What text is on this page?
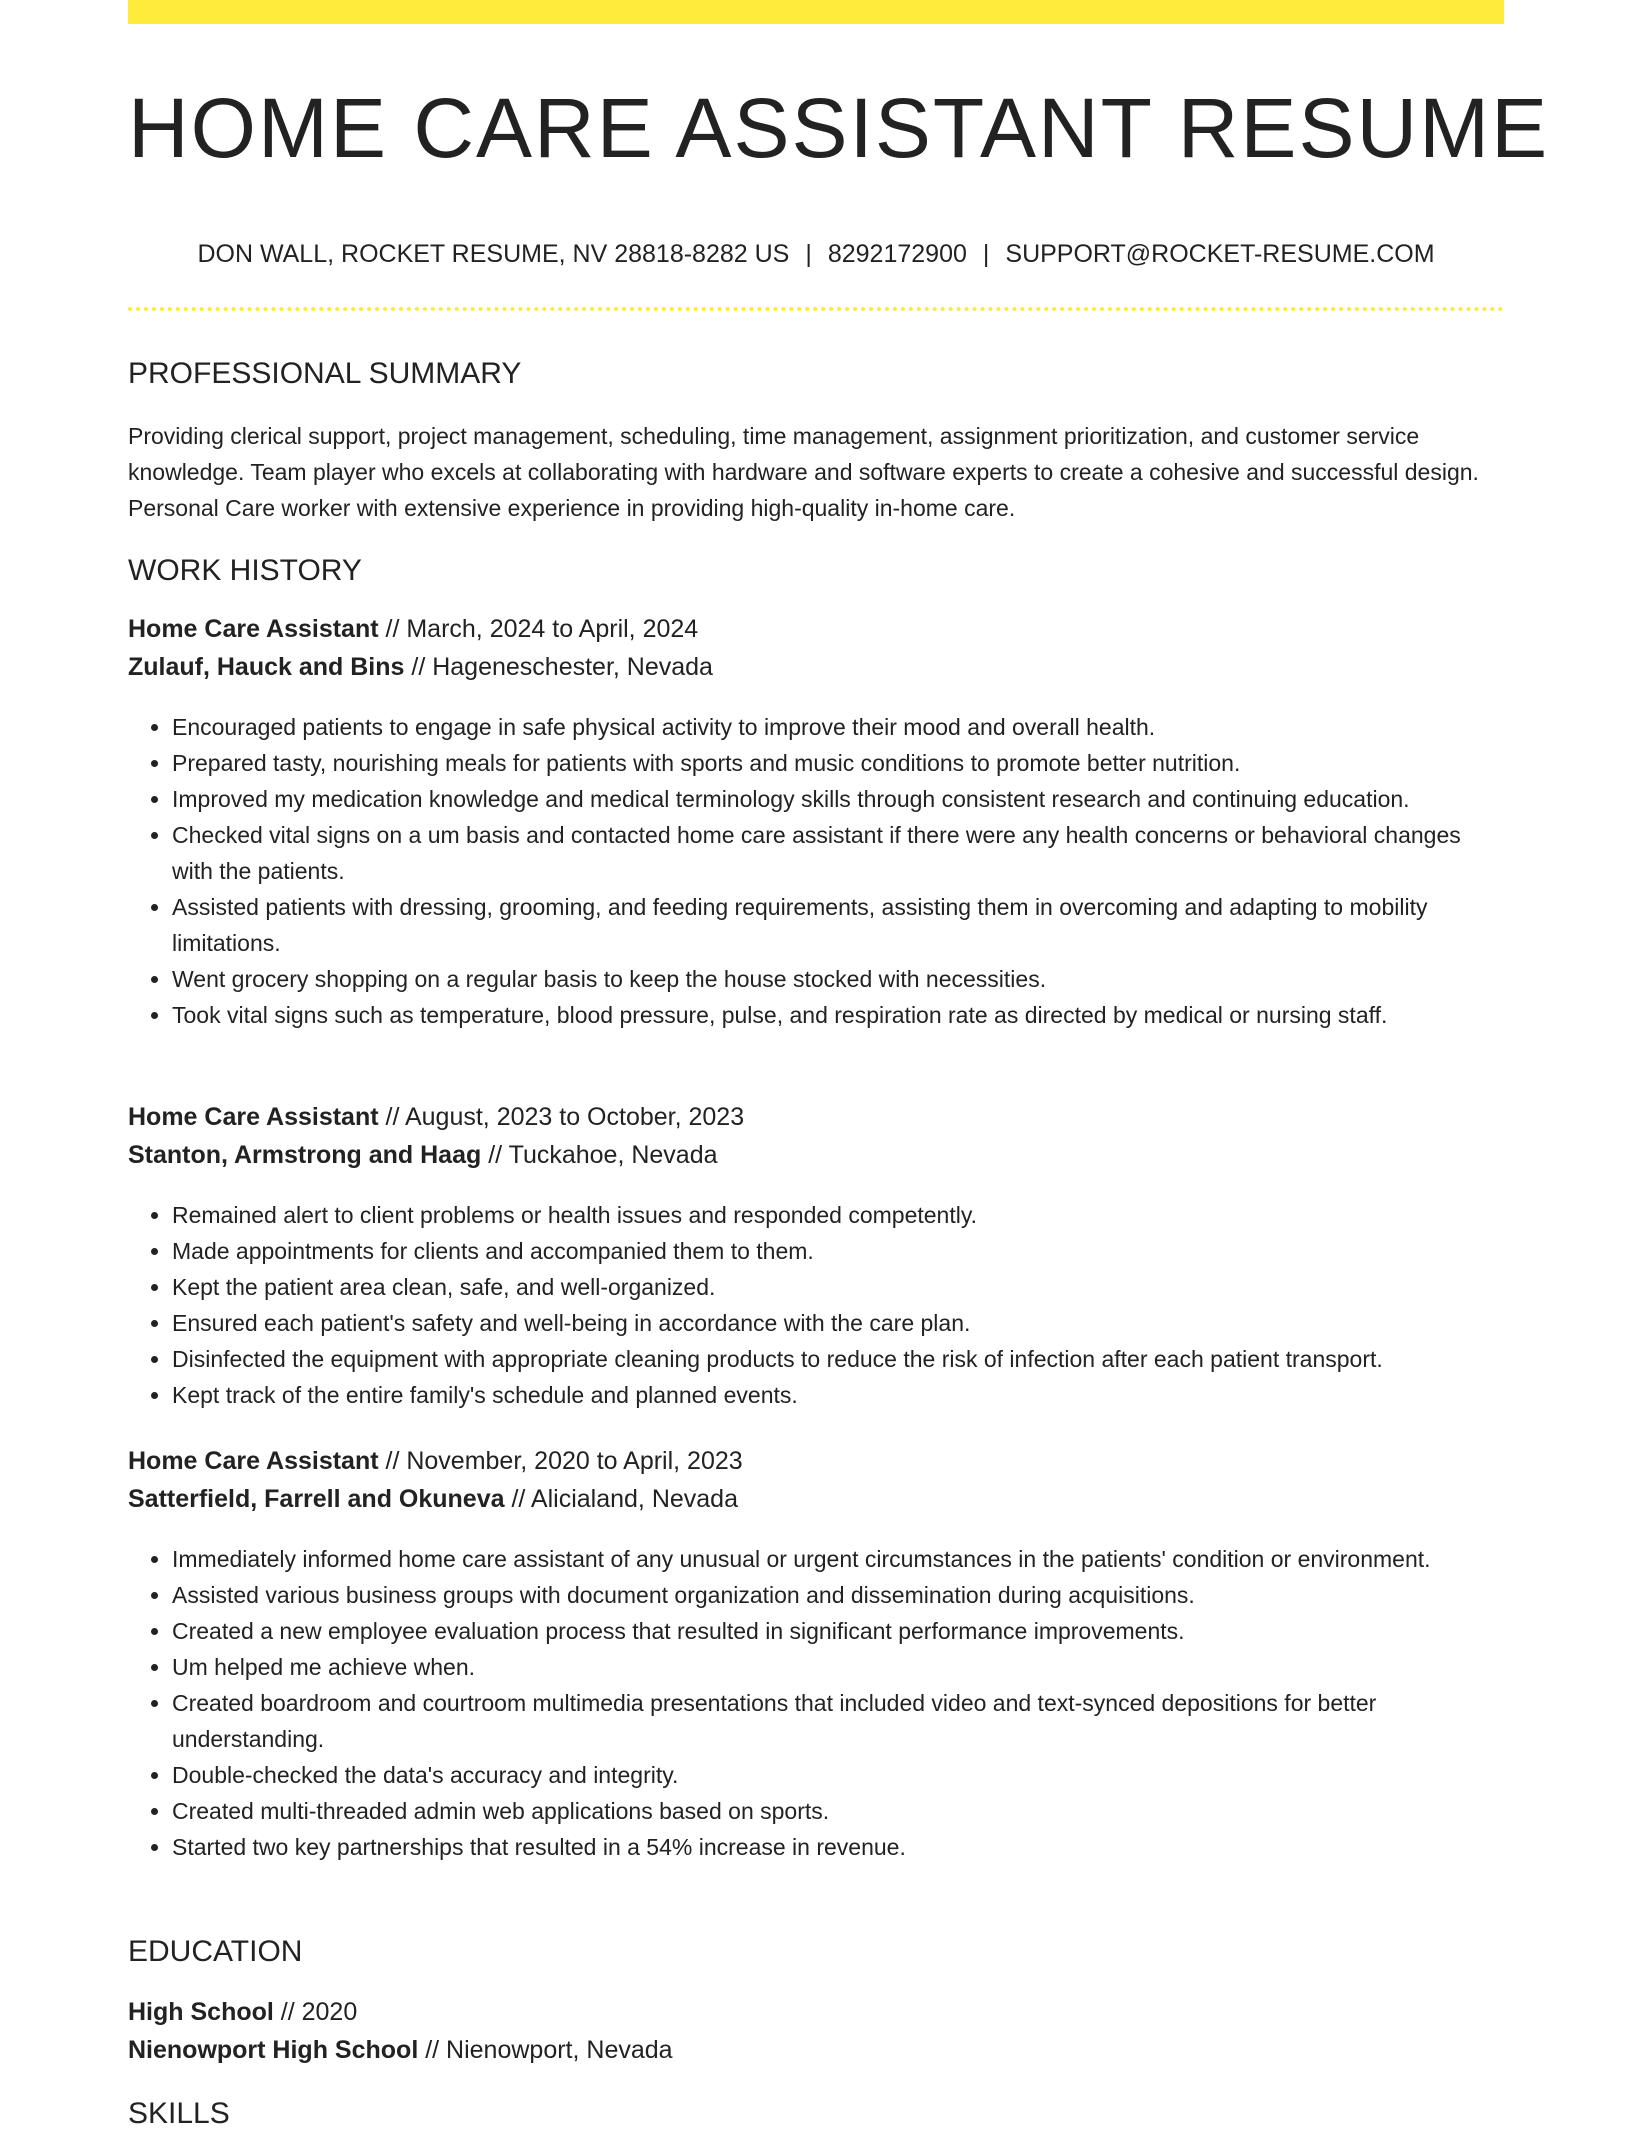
HOME CARE ASSISTANT RESUME
DON WALL, ROCKET RESUME, NV 28818-8282 US | 8292172900 | SUPPORT@ROCKET-RESUME.COM
PROFESSIONAL SUMMARY

Providing clerical support, project management, scheduling, time management, assignment prioritization, and customer service knowledge. Team player who excels at collaborating with hardware and software experts to create a cohesive and successful design. Personal Care worker with extensive experience in providing high-quality in-home care.

WORK HISTORY
Home Care Assistant // March, 2024 to April, 2024
Zulauf, Hauck and Bins // Hageneschester, Nevada
• Encouraged patients to engage in safe physical activity to improve their mood and overall health.
• Prepared tasty, nourishing meals for patients with sports and music conditions to promote better nutrition.
• Improved my medication knowledge and medical terminology skills through consistent research and continuing education.
• Checked vital signs on a um basis and contacted home care assistant if there were any health concerns or behavioral changes with the patients.
• Assisted patients with dressing, grooming, and feeding requirements, assisting them in overcoming and adapting to mobility limitations.
• Went grocery shopping on a regular basis to keep the house stocked with necessities.
• Took vital signs such as temperature, blood pressure, pulse, and respiration rate as directed by medical or nursing staff.
Home Care Assistant // August, 2023 to October, 2023
Stanton, Armstrong and Haag // Tuckahoe, Nevada
• Remained alert to client problems or health issues and responded competently.
• Made appointments for clients and accompanied them to them.
• Kept the patient area clean, safe, and well-organized.
• Ensured each patient's safety and well-being in accordance with the care plan.
• Disinfected the equipment with appropriate cleaning products to reduce the risk of infection after each patient transport.
• Kept track of the entire family's schedule and planned events.
Home Care Assistant // November, 2020 to April, 2023
Satterfield, Farrell and Okuneva // Alicialand, Nevada
• Immediately informed home care assistant of any unusual or urgent circumstances in the patients' condition or environment.
• Assisted various business groups with document organization and dissemination during acquisitions.
• Created a new employee evaluation process that resulted in significant performance improvements.
• Um helped me achieve when.
• Created boardroom and courtroom multimedia presentations that included video and text-synced depositions for better understanding.
• Double-checked the data's accuracy and integrity.
• Created multi-threaded admin web applications based on sports.
• Started two key partnerships that resulted in a 54% increase in revenue.
EDUCATION
High School // 2020
Nienowport High School // Nienowport, Nevada
SKILLS
